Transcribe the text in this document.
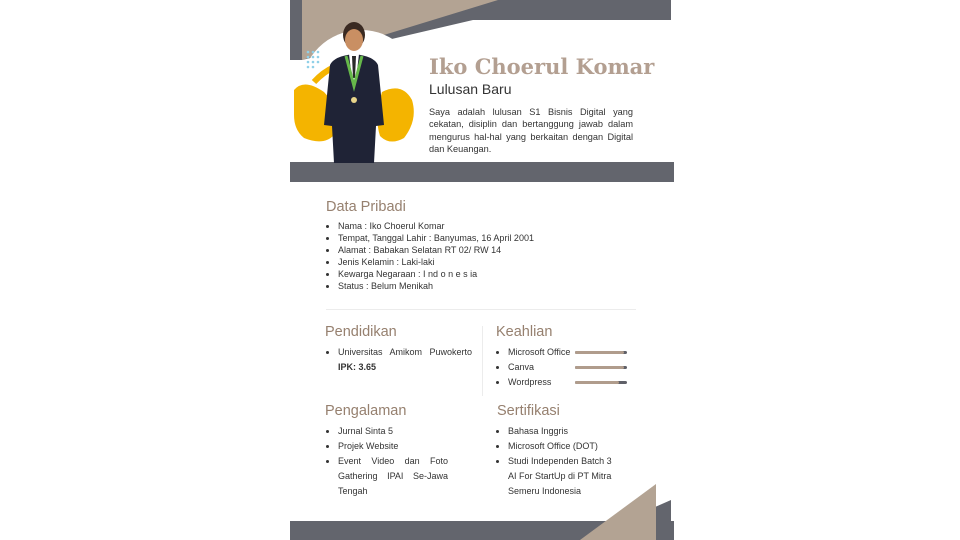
Iko Choerul Komar
Lulusan Baru
Saya adalah lulusan S1 Bisnis Digital yang cekatan, disiplin dan bertanggung jawab dalam mengurus hal-hal yang berkaitan dengan Digital dan Keuangan.
Data Pribadi
• Nama : Iko Choerul Komar
• Tempat, Tanggal Lahir : Banyumas, 16 April 2001
• Alamat : Babakan Selatan RT 02/ RW 14
• Jenis Kelamin : Laki-laki
• Kewarga Negaraan : I nd o n e s ia
• Status : Belum Menikah
Pendidikan
• Universitas Amikom Puwokerto IPK: 3.65
Keahlian
• Microsoft Office
• Canva
• Wordpress
Pengalaman
• Jurnal Sinta 5
• Projek Website
• Event Video dan Foto Gathering IPAI Se-Jawa Tengah
Sertifikasi
• Bahasa Inggris
• Microsoft Office (DOT)
• Studi Independen Batch 3 AI For StartUp di PT Mitra Semeru Indonesia
